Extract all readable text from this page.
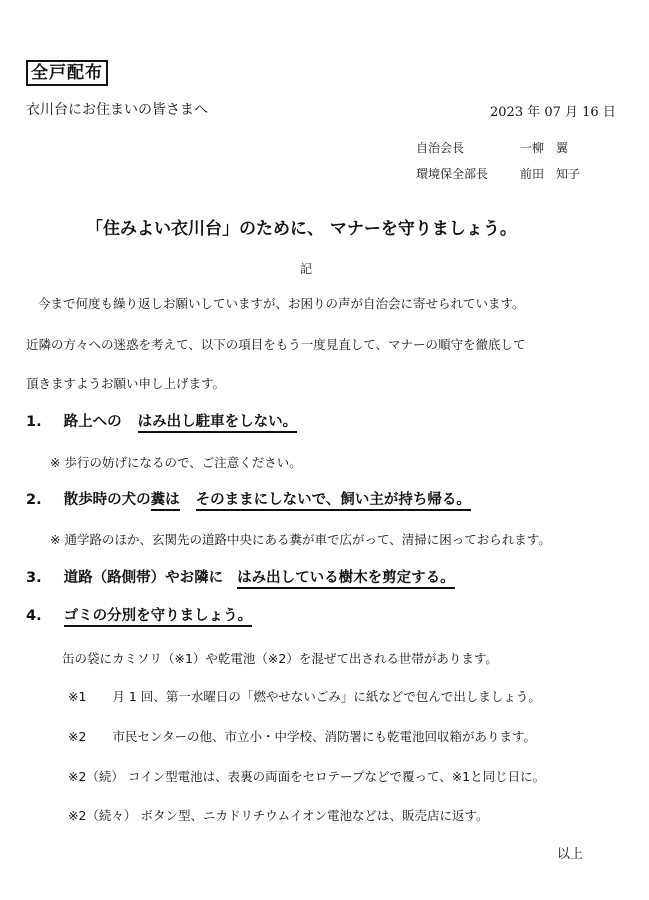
全戸配布
衣川台にお住まいの皆さまへ	2023 年 07 月 16 日
自治会長	一柳　翼
環境保全部長	前田　知子
「住みよい衣川台」のために、 マナーを守りましょう。
記
今まで何度も繰り返しお願いしていますが、お困りの声が自治会に寄せられています。
近隣の方々への迷惑を考えて、以下の項目をもう一度見直して、マナーの順守を徹底して
頂きますようお願い申し上げます。
1. 路上への はみ出し駐車をしない。
※ 歩行の妨げになるので、ご注意ください。
2. 散歩時の犬の糞は そのままにしないで、飼い主が持ち帰る。
※ 通学路のほか、玄関先の道路中央にある糞が車で広がって、清掃に困っておられます。
3. 道路（路側帯）やお隣に はみ出している樹木を剪定する。
4. ゴミの分別を守りましょう。
缶の袋にカミソリ（※1）や乾電池（※2）を混ぜて出される世帯があります。
※1 月 1 回、第一水曜日の「燃やせないごみ」に紙などで包んで出しましょう。
※2 市民センターの他、市立小・中学校、消防署にも乾電池回収箱があります。
※2（続） コイン型電池は、表裏の両面をセロテープなどで覆って、※1と同じ日に。
※2（続々） ボタン型、ニカドリチウムイオン電池などは、販売店に返す。
以上
